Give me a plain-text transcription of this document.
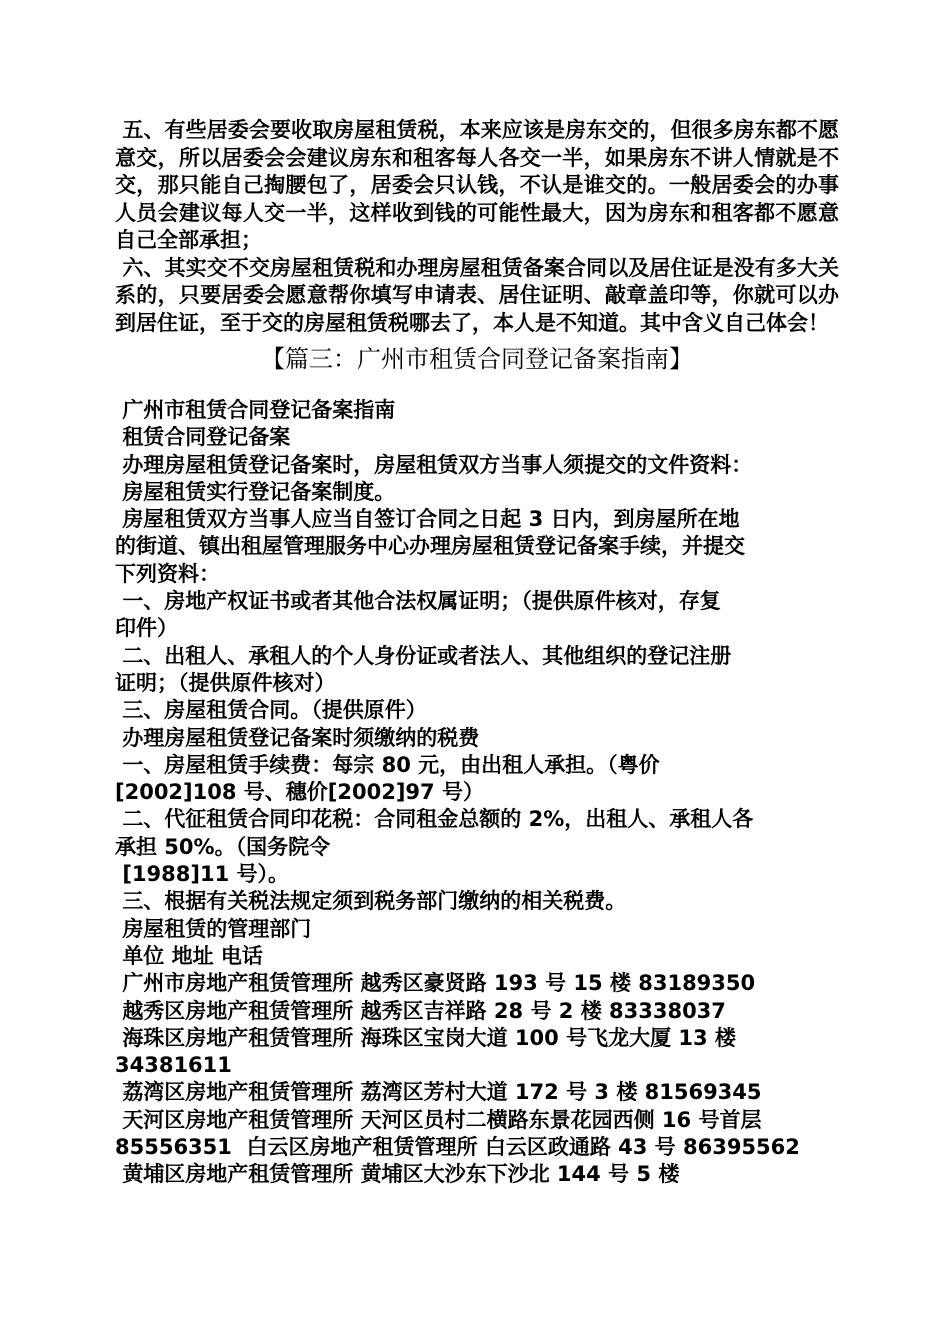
五、有些居委会要收取房屋租赁税，本来应该是房东交的，但很多房东都不愿意交，所以居委会会建议房东和租客每人各交一半，如果房东不讲人情就是不交，那只能自己掏腰包了，居委会只认钱，不认是谁交的。一般居委会的办事人员会建议每人交一半，这样收到钱的可能性最大，因为房东和租客都不愿意自己全部承担；

六、其实交不交房屋租赁税和办理房屋租赁备案合同以及居住证是没有多大关系的，只要居委会愿意帮你填写申请表、居住证明、敲章盖印等，你就可以办到居住证，至于交的房屋租赁税哪去了，本人是不知道。其中含义自己体会！

【篇三：广州市租赁合同登记备案指南】
广州市租赁合同登记备案指南
租赁合同登记备案
办理房屋租赁登记备案时，房屋租赁双方当事人须提交的文件资料：
房屋租赁实行登记备案制度。
房屋租赁双方当事人应当自签订合同之日起 3 日内，到房屋所在地
的街道、镇出租屋管理服务中心办理房屋租赁登记备案手续，并提交
下列资料：
一、房地产权证书或者其他合法权属证明；（提供原件核对，存复
印件）
二、出租人、承租人的个人身份证或者法人、其他组织的登记注册
证明；（提供原件核对）
三、房屋租赁合同。（提供原件）
办理房屋租赁登记备案时须缴纳的税费
一、房屋租赁手续费：每宗 80 元，由出租人承担。（粤价
[2002]108 号、穗价[2002]97 号）
二、代征租赁合同印花税：合同租金总额的 2%，出租人、承租人各
承担 50%。（国务院令
[1988]11 号）。
三、根据有关税法规定须到税务部门缴纳的相关税费。
房屋租赁的管理部门
单位 地址 电话
广州市房地产租赁管理所 越秀区豪贤路 193 号 15 楼 83189350
越秀区房地产租赁管理所 越秀区吉祥路 28 号 2 楼 83338037
海珠区房地产租赁管理所 海珠区宝岗大道 100 号飞龙大厦 13 楼
34381611
荔湾区房地产租赁管理所 荔湾区芳村大道 172 号 3 楼 81569345
天河区房地产租赁管理所 天河区员村二横路东景花园西侧 16 号首层
85556351  白云区房地产租赁管理所 白云区政通路 43 号 86395562
黄埔区房地产租赁管理所 黄埔区大沙东下沙北 144 号 5 楼
